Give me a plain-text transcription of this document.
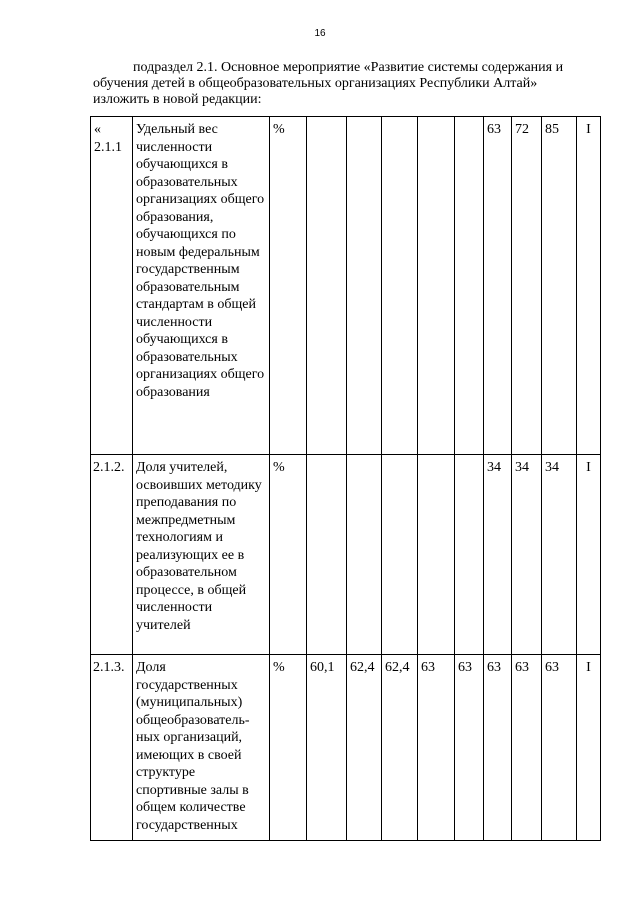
16
подраздел 2.1. Основное мероприятие «Развитие системы содержания и
обучения детей в общеобразовательных организациях Республики Алтай»
изложить в новой редакции:
«
2.1.1	Удельный вес численности обучающихся в образовательных организациях общего образования, обучающихся по новым федеральным государственным образовательным стандартам в общей численности обучающихся в образовательных организациях общего образования	%						63	72	85	I
2.1.2.	Доля учителей, освоивших методику преподавания по межпредметным технологиям и реализующих ее в образовательном процессе, в общей численности учителей	%						34	34	34	I
2.1.3.	Доля государственных (муниципальных) общеобразователь-ных организаций, имеющих в своей структуре спортивные залы в общем количестве государственных	%	60,1	62,4	62,4	63	63	63	63	63	I
